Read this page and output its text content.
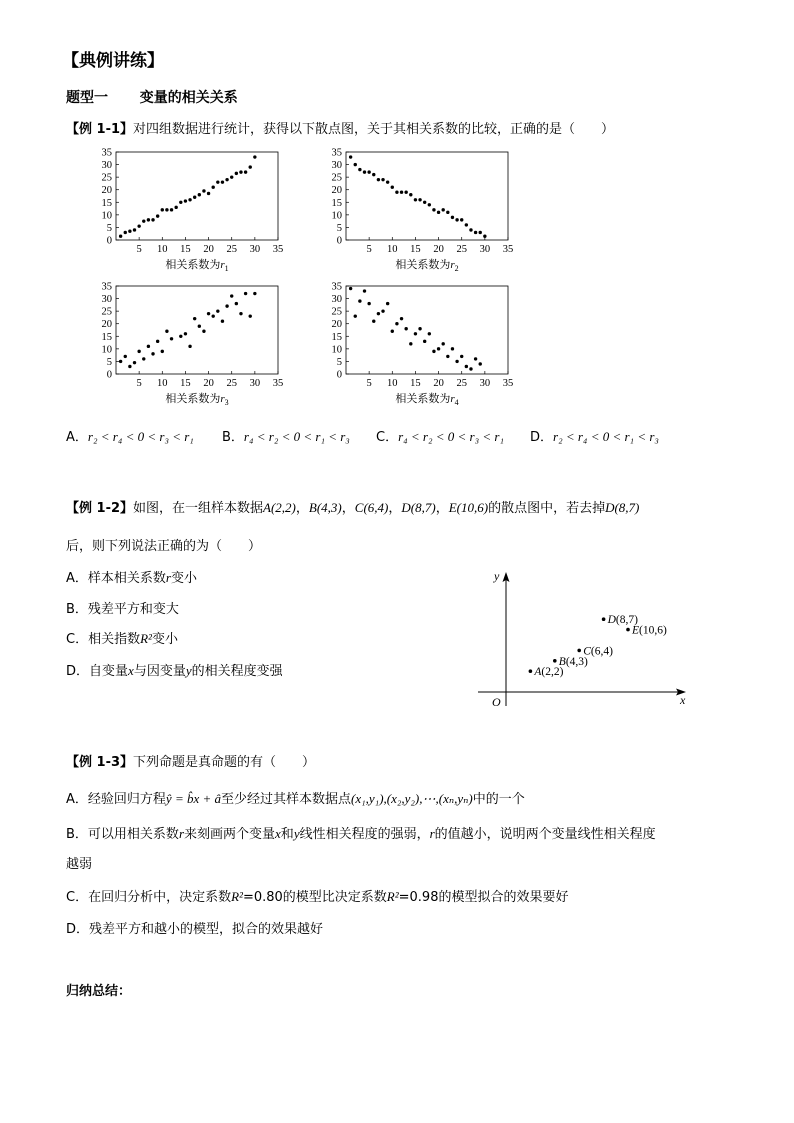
【典例讲练】
题型一 变量的相关关系
【例 1-1】对四组数据进行统计，获得以下散点图，关于其相关系数的比较，正确的是（　　）
0
5
10
15
20
25
30
35
5 10 15 20 25 30 35
相关系数为$r_1$
0
5
10
15
20
25
30
35
5 10 15 20 25 30 35
相关系数为$r_2$
0
5
10
15
20
25
30
35
5 10 15 20 25 30 35
相关系数为$r_3$
0
5
10
15
20
25
30
35
5 10 15 20 25 30 35
相关系数为$r_4$
A．r₂ < r₄ < 0 < r₃ < r₁ B．r₄ < r₂ < 0 < r₁ < r₃ C．r₄ < r₂ < 0 < r₃ < r₁ D．r₂ < r₄ < 0 < r₁ < r₃
【例 1-2】如图，在一组样本数据A(2,2)，B(4,3)，C(6,4)，D(8,7)，E(10,6)的散点图中，若去掉D(8,7)
后，则下列说法正确的为（　　）
A．样本相关系数r变小
B．残差平方和变大
C．相关指数R²变小
D．自变量x与因变量y的相关程度变强
x
y
O
A(2,2)
B(4,3)
C(6,4)
D(8,7)
E(10,6)
【例 1-3】下列命题是真命题的有（　　）
A．经验回归方程ŷ = b̂x + â至少经过其样本数据点(x₁,y₁),(x₂,y₂),⋯,(xₙ,yₙ)中的一个
B．可以用相关系数r来刻画两个变量x和y线性相关程度的强弱，r的值越小，说明两个变量线性相关程度
越弱
C．在回归分析中，决定系数R²=0.80的模型比决定系数R²=0.98的模型拟合的效果要好
D．残差平方和越小的模型，拟合的效果越好
归纳总结：
